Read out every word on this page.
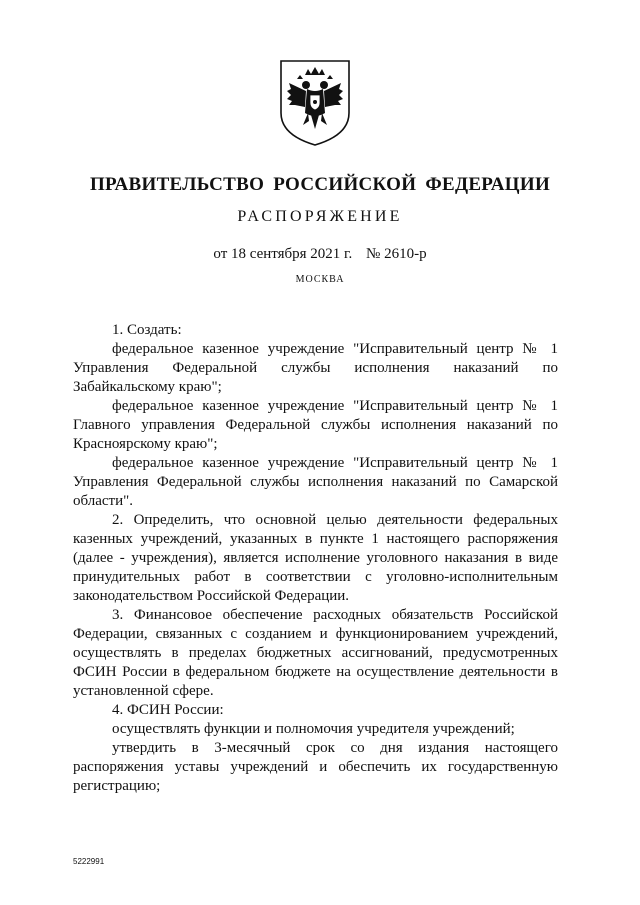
ПРАВИТЕЛЬСТВО РОССИЙСКОЙ ФЕДЕРАЦИИ
РАСПОРЯЖЕНИЕ
от 18 сентября 2021 г. № 2610-р
МОСКВА

1. Создать:

федеральное казенное учреждение "Исправительный центр № 1 Управления Федеральной службы исполнения наказаний по Забайкальскому краю";

федеральное казенное учреждение "Исправительный центр № 1 Главного управления Федеральной службы исполнения наказаний по Красноярскому краю";

федеральное казенное учреждение "Исправительный центр № 1 Управления Федеральной службы исполнения наказаний по Самарской области".

2. Определить, что основной целью деятельности федеральных казенных учреждений, указанных в пункте 1 настоящего распоряжения (далее - учреждения), является исполнение уголовного наказания в виде принудительных работ в соответствии с уголовно-исполнительным законодательством Российской Федерации.

3. Финансовое обеспечение расходных обязательств Российской Федерации, связанных с созданием и функционированием учреждений, осуществлять в пределах бюджетных ассигнований, предусмотренных ФСИН России в федеральном бюджете на осуществление деятельности в установленной сфере.

4. ФСИН России:

осуществлять функции и полномочия учредителя учреждений;

утвердить в 3-месячный срок со дня издания настоящего распоряжения уставы учреждений и обеспечить их государственную регистрацию;

5222991
